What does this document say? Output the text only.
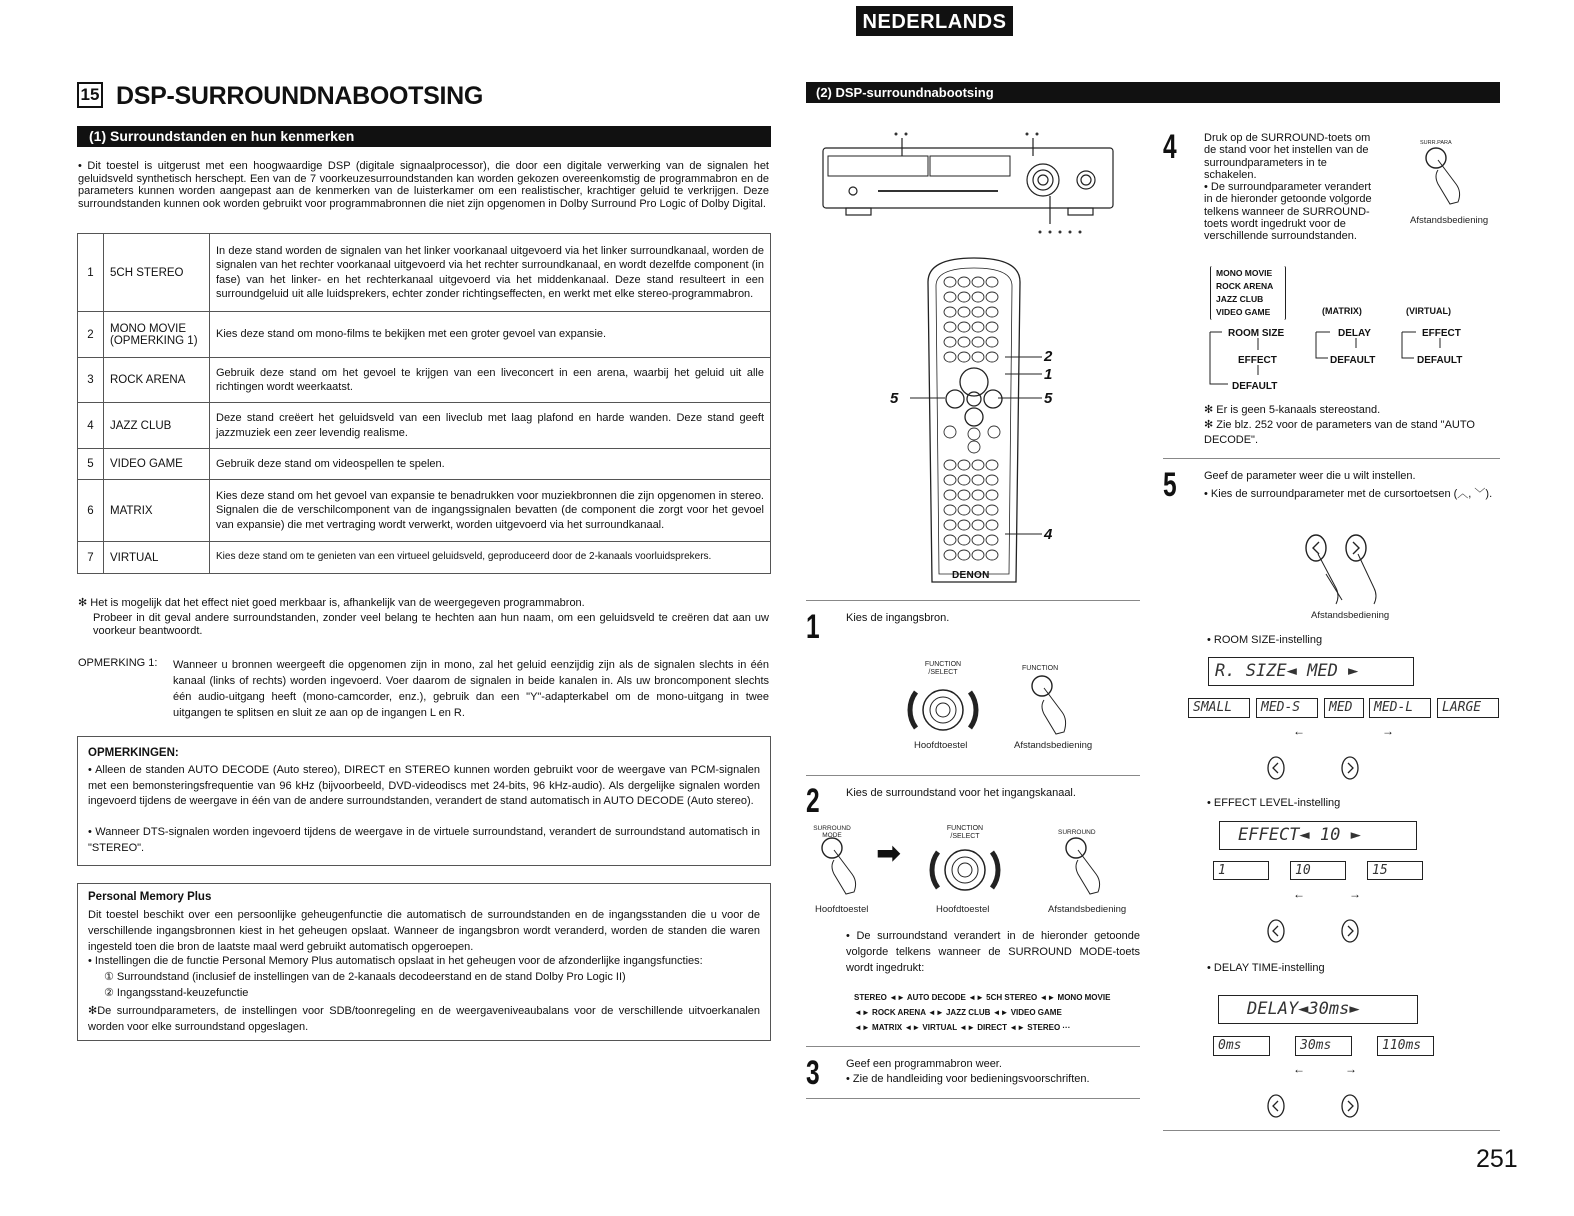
NEDERLANDS
15 DSP-SURROUNDNABOOTSING
(1) Surroundstanden en hun kenmerken
• Dit toestel is uitgerust met een hoogwaardige DSP (digitale signaalprocessor), die door een digitale verwerking van de signalen het geluidsveld synthetisch herschept. Een van de 7 voorkeuzesurroundstanden kan worden gekozen overeenkomstig de programmabron en de parameters kunnen worden aangepast aan de kenmerken van de luisterkamer om een realistischer, krachtiger geluid te verkrijgen. Deze surroundstanden kunnen ook worden gebruikt voor programmabronnen die niet zijn opgenomen in Dolby Surround Pro Logic of Dolby Digital.
1	5CH STEREO	In deze stand worden de signalen van het linker voorkanaal uitgevoerd via het linker surroundkanaal, worden de signalen van het rechter voorkanaal uitgevoerd via het rechter surroundkanaal, en wordt dezelfde component (in fase) van het linker- en het rechterkanaal uitgevoerd via het middenkanaal. Deze stand resulteert in een surroundgeluid uit alle luidsprekers, echter zonder richtingseffecten, en werkt met elke stereo-programmabron.
2	MONO MOVIE (OPMERKING 1)	Kies deze stand om mono-films te bekijken met een groter gevoel van expansie.
3	ROCK ARENA	Gebruik deze stand om het gevoel te krijgen van een liveconcert in een arena, waarbij het geluid uit alle richtingen wordt weerkaatst.
4	JAZZ CLUB	Deze stand creëert het geluidsveld van een liveclub met laag plafond en harde wanden. Deze stand geeft jazzmuziek een zeer levendig realisme.
5	VIDEO GAME	Gebruik deze stand om videospellen te spelen.
6	MATRIX	Kies deze stand om het gevoel van expansie te benadrukken voor muziekbronnen die zijn opgenomen in stereo. Signalen die de verschilcomponent van de ingangssignalen bevatten (de component die zorgt voor het gevoel van expansie) die met vertraging wordt verwerkt, worden uitgevoerd via het surroundkanaal.
7	VIRTUAL	Kies deze stand om te genieten van een virtueel geluidsveld, geproduceerd door de 2-kanaals voorluidsprekers.
✻ Het is mogelijk dat het effect niet goed merkbaar is, afhankelijk van de weergegeven programmabron.
Probeer in dit geval andere surroundstanden, zonder veel belang te hechten aan hun naam, om een geluidsveld te creëren dat aan uw voorkeur beantwoordt.
OPMERKING 1:	Wanneer u bronnen weergeeft die opgenomen zijn in mono, zal het geluid eenzijdig zijn als de signalen slechts in één kanaal (links of rechts) worden ingevoerd. Voer daarom de signalen in beide kanalen in. Als uw broncomponent slechts één audio-uitgang heeft (mono-camcorder, enz.), gebruik dan een "Y"-adapterkabel om de mono-uitgang in twee uitgangen te splitsen en sluit ze aan op de ingangen L en R.
OPMERKINGEN:
• Alleen de standen AUTO DECODE (Auto stereo), DIRECT en STEREO kunnen worden gebruikt voor de weergave van PCM-signalen met een bemonsteringsfrequentie van 96 kHz (bijvoorbeeld, DVD-videodiscs met 24-bits, 96 kHz-audio). Als dergelijke signalen worden ingevoerd tijdens de weergave in één van de andere surroundstanden, verandert de stand automatisch in AUTO DECODE (Auto stereo).
• Wanneer DTS-signalen worden ingevoerd tijdens de weergave in de virtuele surroundstand, verandert de surroundstand automatisch in "STEREO".
Personal Memory Plus
Dit toestel beschikt over een persoonlijke geheugenfunctie die automatisch de surroundstanden en de ingangsstanden die u voor de verschillende ingangsbronnen kiest in het geheugen opslaat. Wanneer de ingangsbron wordt veranderd, worden de standen die waren ingesteld toen die bron de laatste maal werd gebruikt automatisch opgeroepen.
• Instellingen die de functie Personal Memory Plus automatisch opslaat in het geheugen voor de afzonderlijke ingangsfuncties:
① Surroundstand (inclusief de instellingen van de 2-kanaals decodeerstand en de stand Dolby Pro Logic II)
② Ingangsstand-keuzefunctie
✻De surroundparameters, de instellingen voor SDB/toonregeling en de weergaveniveaubalans voor de verschillende uitvoerkanalen worden voor elke surroundstand opgeslagen.
(2) DSP-surroundnabootsing
DENON
2
1
5	5
4
1 Kies de ingangsbron.
FUNCTION /SELECT
FUNCTION
Hoofdtoestel	Afstandsbediening
2 Kies de surroundstand voor het ingangskanaal.
SURROUND MODE
➡
FUNCTION /SELECT
SURROUND
Hoofdtoestel	Hoofdtoestel	Afstandsbediening
• De surroundstand verandert in de hieronder getoonde volgorde telkens wanneer de SURROUND MODE-toets wordt ingedrukt:
STEREO ◄► AUTO DECODE ◄► 5CH STEREO ◄► MONO MOVIE
◄► ROCK ARENA ◄► JAZZ CLUB ◄► VIDEO GAME
◄► MATRIX ◄► VIRTUAL ◄► DIRECT ◄► STEREO ···
3 Geef een programmabron weer.
• Zie de handleiding voor bedieningsvoorschriften.
4 Druk op de SURROUND-toets om de stand voor het instellen van de surroundparameters in te schakelen.
• De surroundparameter verandert in de hieronder getoonde volgorde telkens wanneer de SURROUND-toets wordt ingedrukt voor de verschillende surroundstanden.
SURR.PARA
Afstandsbediening
MONO MOVIE
ROCK ARENA
JAZZ CLUB
VIDEO GAME	(MATRIX)	(VIRTUAL)
ROOM SIZE
EFFECT
DEFAULT
DELAY
DEFAULT
EFFECT
DEFAULT
✻ Er is geen 5-kanaals stereostand.
✻ Zie blz. 252 voor de parameters van de stand "AUTO DECODE".
5 Geef de parameter weer die u wilt instellen.
• Kies de surroundparameter met de cursortoetsen (︿, ﹀).
Afstandsbediening
• ROOM SIZE-instelling
R. SIZE◄ MED ►
SMALL	MED-S	MED	MED-L	LARGE
←	→
• EFFECT LEVEL-instelling
EFFECT◄ 10 ►
1	10	15
←	→
• DELAY TIME-instelling
DELAY◄30ms►
0ms	30ms	110ms
←	→
251
